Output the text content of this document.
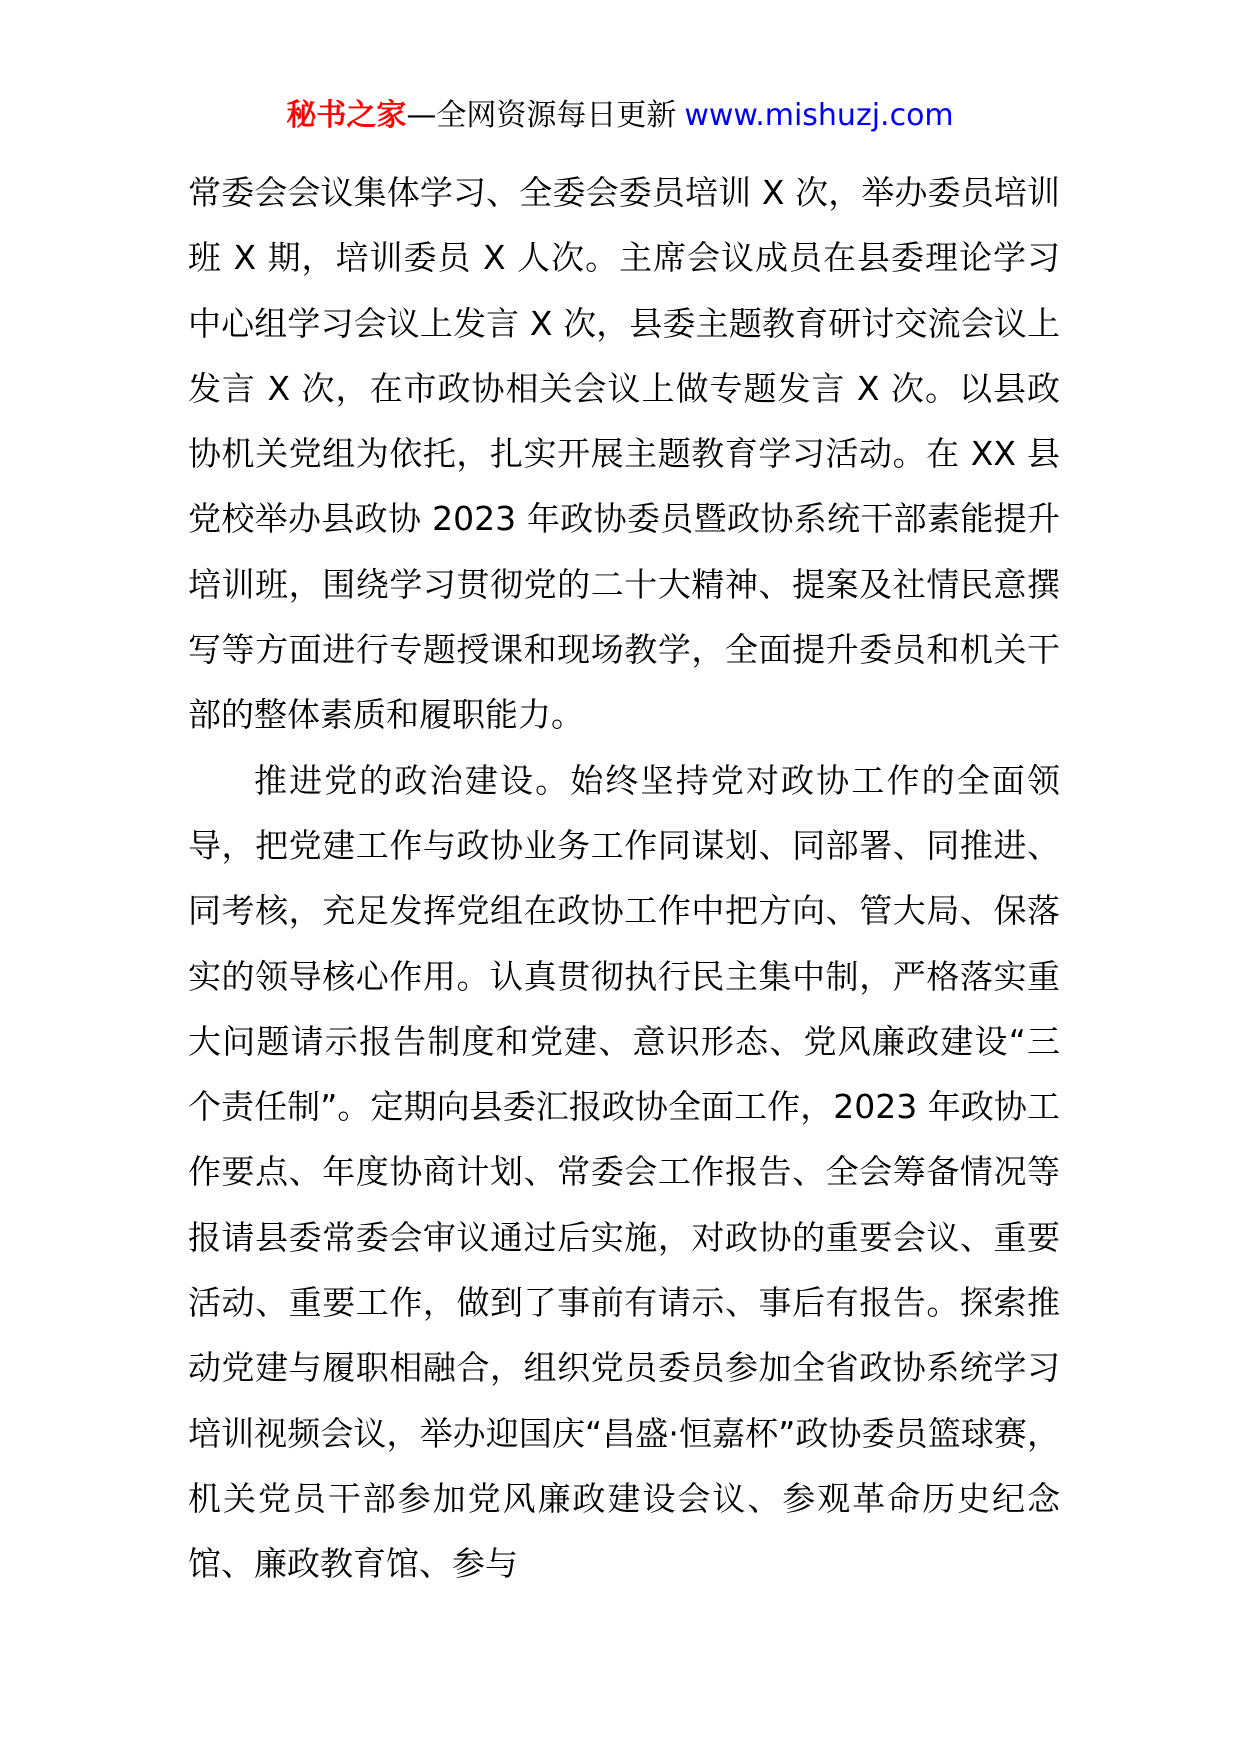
秘书之家—全网资源每日更新 www.mishuzj.com

常委会会议集体学习、全委会委员培训 X 次，举办委员培训班 X 期，培训委员 X 人次。主席会议成员在县委理论学习中心组学习会议上发言 X 次，县委主题教育研讨交流会议上发言 X 次，在市政协相关会议上做专题发言 X 次。以县政协机关党组为依托，扎实开展主题教育学习活动。在 XX 县党校举办县政协 2023 年政协委员暨政协系统干部素能提升培训班，围绕学习贯彻党的二十大精神、提案及社情民意撰写等方面进行专题授课和现场教学，全面提升委员和机关干部的整体素质和履职能力。

推进党的政治建设。始终坚持党对政协工作的全面领导，把党建工作与政协业务工作同谋划、同部署、同推进、同考核，充足发挥党组在政协工作中把方向、管大局、保落实的领导核心作用。认真贯彻执行民主集中制，严格落实重大问题请示报告制度和党建、意识形态、党风廉政建设“三个责任制”。定期向县委汇报政协全面工作，2023 年政协工作要点、年度协商计划、常委会工作报告、全会筹备情况等报请县委常委会审议通过后实施，对政协的重要会议、重要活动、重要工作，做到了事前有请示、事后有报告。探索推动党建与履职相融合，组织党员委员参加全省政协系统学习培训视频会议，举办迎国庆“昌盛·恒嘉杯”政协委员篮球赛，机关党员干部参加党风廉政建设会议、参观革命历史纪念馆、廉政教育馆、参与
